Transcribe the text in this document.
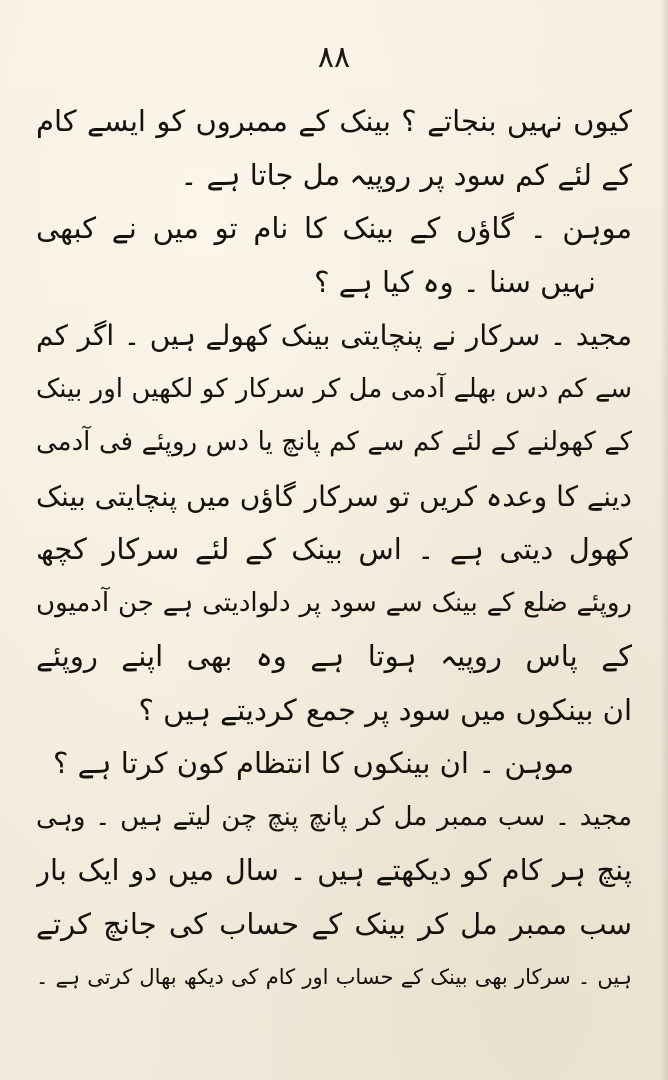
۸۸
کیوں نہیں بنجاتے ؟ بینک کے ممبروں کو ایسے کام
کے لئے کم سود پر روپیہ مل جاتا ہے ۔
موہن ۔ گاؤں کے بینک کا نام تو میں نے کبھی
نہیں سنا ۔ وہ کیا ہے ؟
مجید ۔ سرکار نے پنچایتی بینک کھولے ہیں ۔ اگر کم
سے کم دس بھلے آدمی مل کر سرکار کو لکھیں اور بینک
کے کھولنے کے لئے کم سے کم پانچ یا دس روپئے فی آدمی
دینے کا وعدہ کریں تو سرکار گاؤں میں پنچایتی بینک
کھول دیتی ہے ۔ اس بینک کے لئے سرکار کچھ
روپئے ضلع کے بینک سے سود پر دلوادیتی ہے جن آدمیوں
کے پاس روپیہ ہوتا ہے وہ بھی اپنے روپئے
ان بینکوں میں سود پر جمع کردیتے ہیں ؟
موہن ۔ ان بینکوں کا انتظام کون کرتا ہے ؟
مجید ۔ سب ممبر مل کر پانچ پنچ چن لیتے ہیں ۔ وہی
پنچ ہر کام کو دیکھتے ہیں ۔ سال میں دو ایک بار
سب ممبر مل کر بینک کے حساب کی جانچ کرتے
ہیں ۔ سرکار بھی بینک کے حساب اور کام کی دیکھ بھال کرتی ہے ۔
